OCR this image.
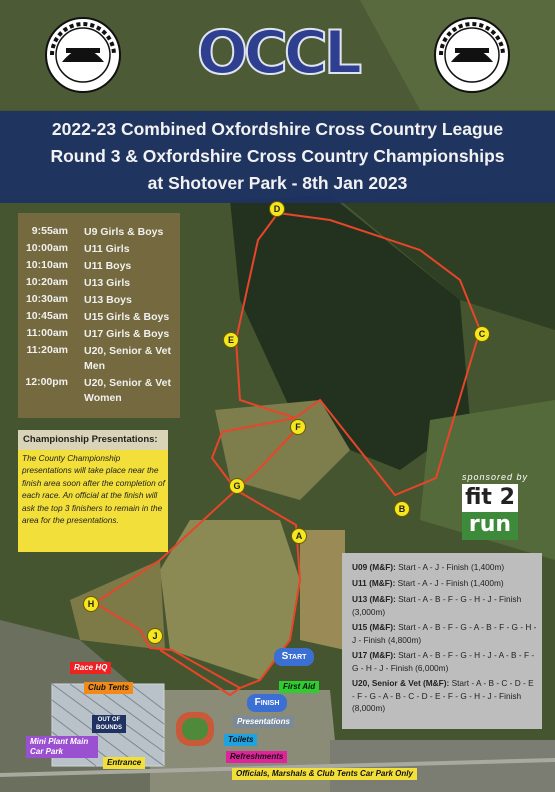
OCCL
2022-23 Combined Oxfordshire Cross Country League
Round 3 & Oxfordshire Cross Country Championships
at Shotover Park - 8th Jan 2023
9:55am U9 Girls & Boys
10:00am U11 Girls
10:10am U11 Boys
10:20am U13 Girls
10:30am U13 Boys
10:45am U15 Girls & Boys
11:00am U17 Girls & Boys
11:20am U20, Senior & Vet Men
12:00pm U20, Senior & Vet Women
Championship Presentations:
The County Championship presentations will take place near the finish area soon after the completion of each race. An official at the finish will ask the top 3 finishers to remain in the area for the presentations.
A
B
C
D
E
F
G
H
J
sponsored by
fit 2
run
U09 (M&F): Start - A - J - Finish (1,400m)
U11 (M&F): Start - A - J - Finish (1,400m)
U13 (M&F): Start - A - B - F - G - H - J - Finish (3,000m)
U15 (M&F): Start - A - B - F - G - A - B - F - G - H - J - Finish (4,800m)
U17 (M&F): Start - A - B - F - G - H - J - A - B - F - G - H - J - Finish (6,000m)
U20, Senior & Vet (M&F): Start - A - B - C - D - E - F - G - A - B - C - D - E - F - G - H - J - Finish (8,000m)
Start
Finish
First Aid
Presentations
Race HQ
Club Tents
OUT OF BOUNDS
Mini Plant Main Car Park
Toilets
Refreshments
Entrance
Officials, Marshals & Club Tents Car Park Only
